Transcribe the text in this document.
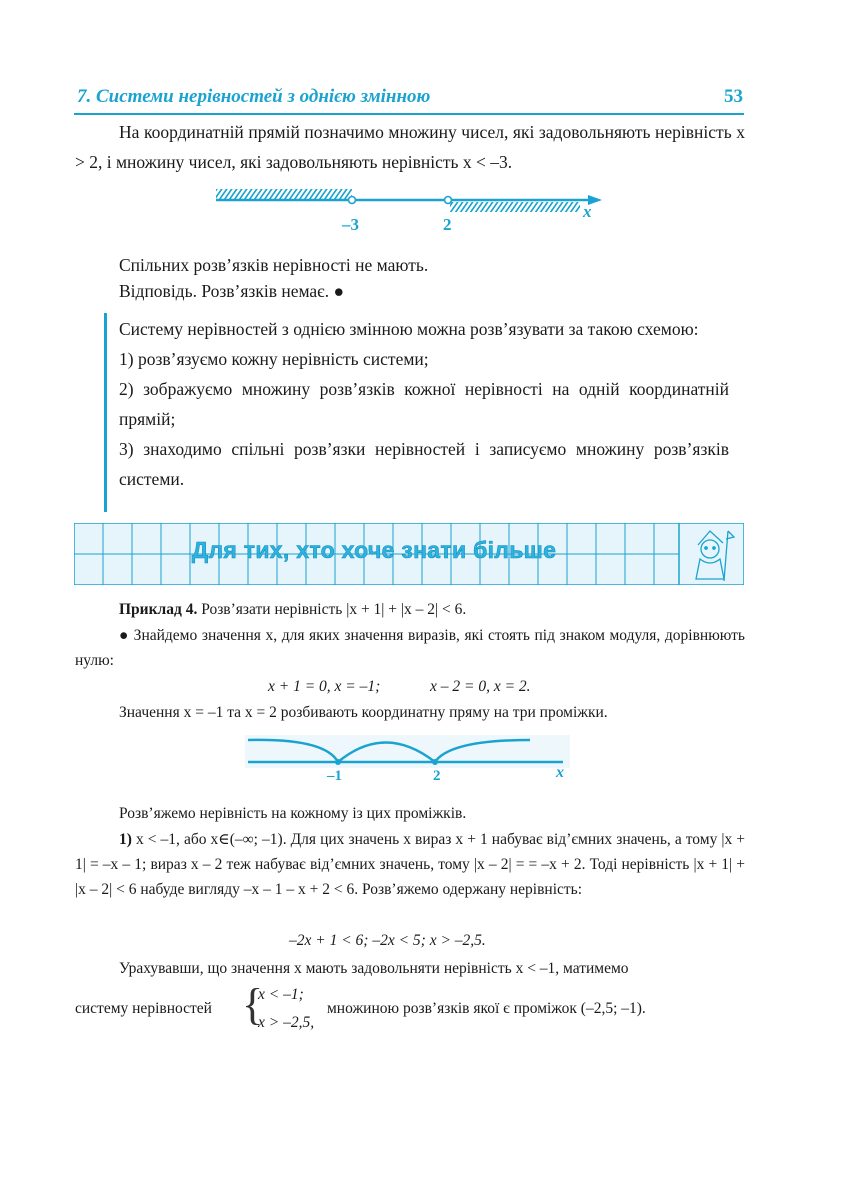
7. Системи нерівностей з однією змінною	53
На координатній прямій позначимо множину чисел, які задовольняють нерівність x > 2, і множину чисел, які задовольняють нерівність x < –3.
–3	2
x
Спільних розв’язків нерівності не мають.
Відповідь. Розв’язків немає. ●
Систему нерівностей з однією змінною можна розв’язувати за такою схемою:
1) розв’язуємо кожну нерівність системи;
2) зображуємо множину розв’язків кожної нерівності на одній координатній прямій;
3) знаходимо спільні розв’язки нерівностей і записуємо множину розв’язків системи.
Для тих, хто хоче знати більше
Приклад 4. Розв’язати нерівність |x + 1| + |x – 2| < 6.
● Знайдемо значення x, для яких значення виразів, які стоять під знаком модуля, дорівнюють нулю:
x + 1 = 0, x = –1;	x – 2 = 0, x = 2.
Значення x = –1 та x = 2 розбивають координатну пряму на три проміжки.
–1	2	x
Розв’яжемо нерівність на кожному із цих проміжків.
1) x < –1, або x∈(–∞; –1). Для цих значень x вираз x + 1 набуває від’ємних значень, а тому |x + 1| = –x – 1; вираз x – 2 теж набуває від’ємних значень, тому |x – 2| = = –x + 2. Тоді нерівність |x + 1| + |x – 2| < 6 набуде вигляду –x – 1 – x + 2 < 6. Розв’яжемо одержану нерівність:
–2x + 1 < 6; –2x < 5; x > –2,5.
Урахувавши, що значення x мають задовольняти нерівність x < –1, матимемо
систему нерівностей {
x < –1;
x > –2,5,
множиною розв’язків якої є проміжок (–2,5; –1).
